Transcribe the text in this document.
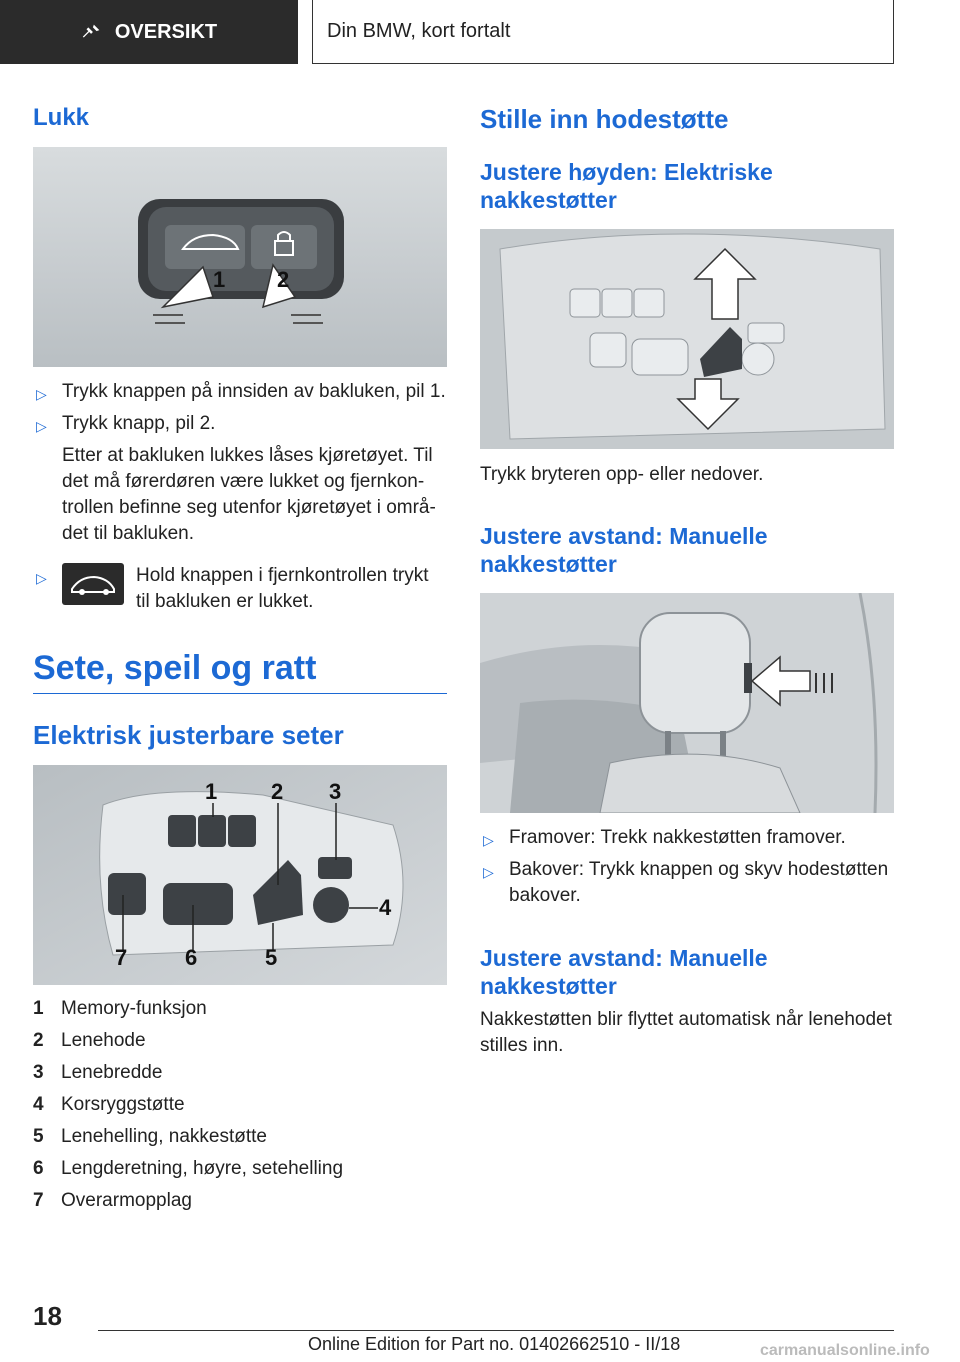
OVERSIKT	Din BMW, kort fortalt
Lukk
1 2
▷ Trykk knappen på innsiden av bakluken, pil 1.
▷ Trykk knapp, pil 2.
Etter at bakluken lukkes låses kjøretøyet. Til
det må førerdøren være lukket og fjernkon-
trollen befinne seg utenfor kjøretøyet i områ-
det til bakluken.
▷	Hold knappen i fjernkontrollen trykt
til bakluken er lukket.
Sete, speil og ratt
Elektrisk justerbare seter
1 2 3
4
5
6
7
1 Memory-funksjon
2 Lenehode
3 Lenebredde
4 Korsryggstøtte
5 Lenehelling, nakkestøtte
6 Lengderetning, høyre, setehelling
7 Overarmopplag
Stille inn hodestøtte
Justere høyden: Elektriske
nakkestøtter
Trykk bryteren opp- eller nedover.
Justere avstand: Manuelle
nakkestøtter
▷ Framover: Trekk nakkestøtten framover.
▷ Bakover: Trykk knappen og skyv hodestøtten
bakover.
Justere avstand: Manuelle
nakkestøtter
Nakkestøtten blir flyttet automatisk når lenehodet
stilles inn.
18
Online Edition for Part no. 01402662510 - II/18	carmanualsonline.info
